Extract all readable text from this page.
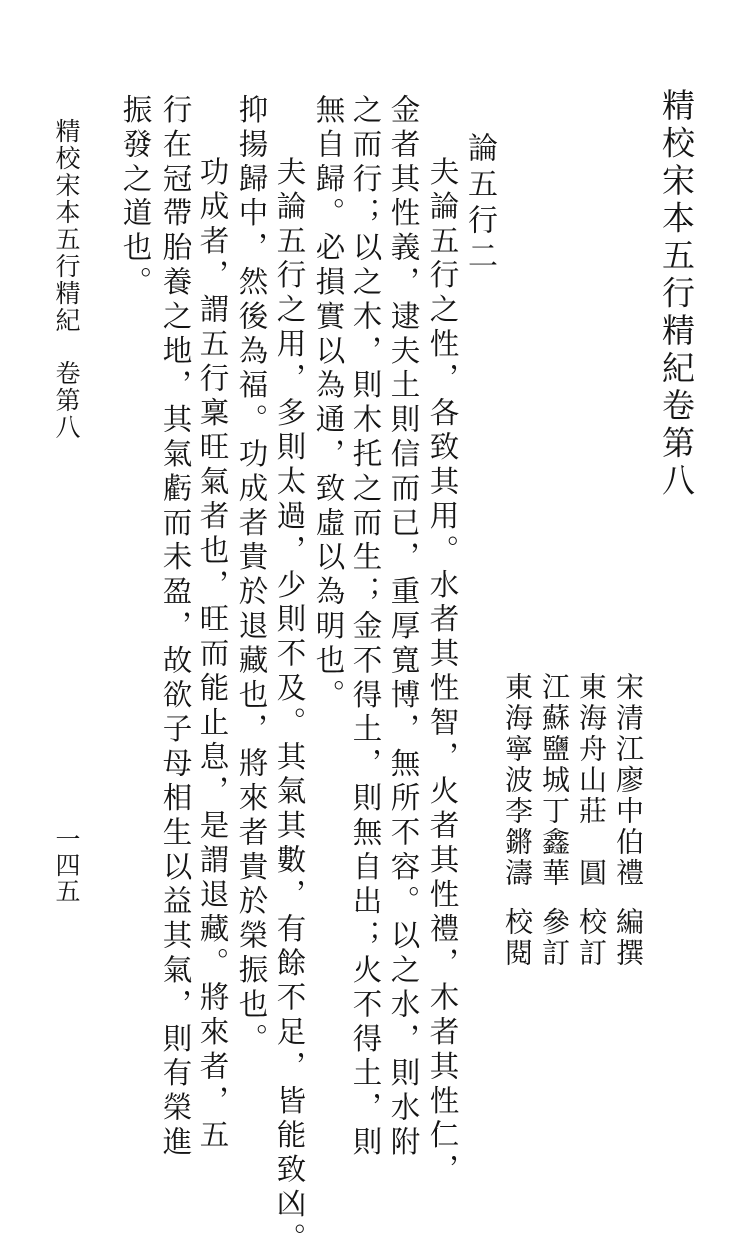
精校宋本五行精紀卷第八

宋清江廖中伯禮編撰
東海舟山莊　圓校訂
江蘇鹽城丁鑫華參訂
東海寧波李鏘濤校閱

論五行二

夫論五行之性，各致其用。水者其性智，火者其性禮，木者其性仁，

金者其性義，逮夫土則信而已，重厚寬博，無所不容。以之水，則水附

之而行；以之木，則木托之而生；金不得土，則無自出；火不得土，則

無自歸。必損實以為通，致虛以為明也。

夫論五行之用，多則太過，少則不及。其氣其數，有餘不足，皆能致凶。

抑揚歸中，然後為福。功成者貴於退藏也，將來者貴於榮振也。

功成者，謂五行稟旺氣者也，旺而能止息，是謂退藏。將來者，五

行在冠帶胎養之地，其氣虧而未盈，故欲子母相生以益其氣，則有榮進

振發之道也。

精校宋本五行精紀卷第八

一四五
